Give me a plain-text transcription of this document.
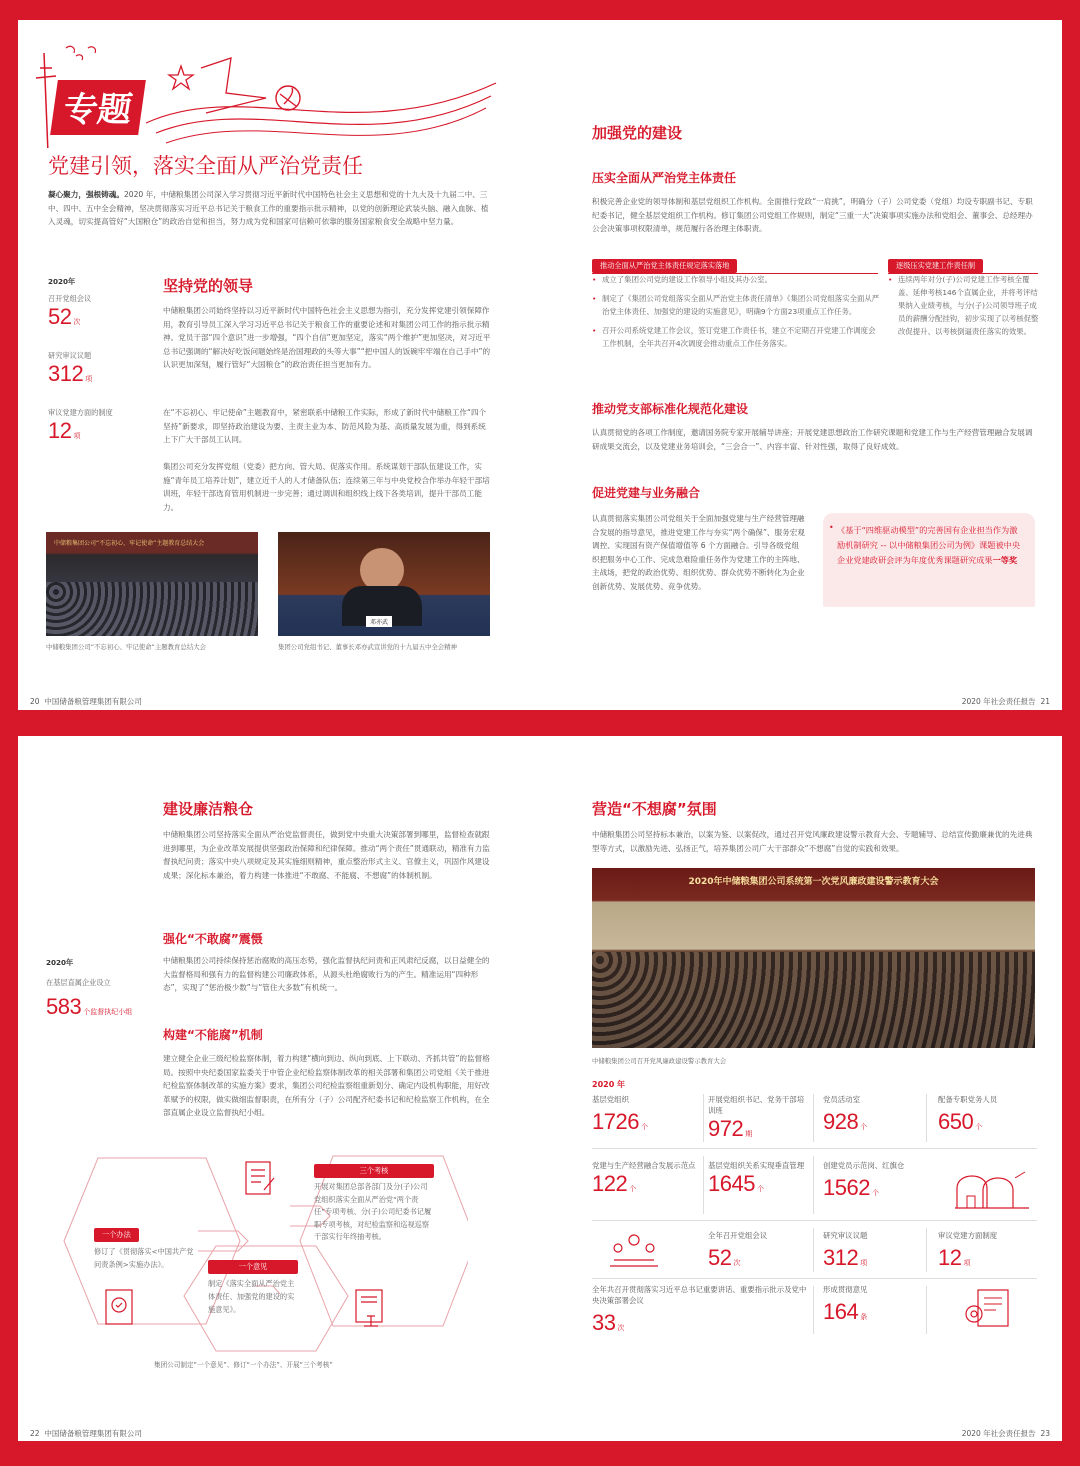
专题
党建引领，落实全面从严治党责任
凝心聚力，强根铸魂。2020 年，中储粮集团公司深入学习贯彻习近平新时代中国特色社会主义思想和党的十九大及十九届二中、三中、四中、五中全会精神，坚决贯彻落实习近平总书记关于粮食工作的重要指示批示精神，以党的创新理论武装头脑、融入血脉、植入灵魂，切实提高管好“大国粮仓”的政治自觉和担当，努力成为党和国家可信赖可依靠的服务国家粮食安全战略中坚力量。
2020年
召开党组会议
52 次
研究审议议题
312 项
审议党建方面的制度
12 项
坚持党的领导
中储粮集团公司始终坚持以习近平新时代中国特色社会主义思想为指引，充分发挥党建引领保障作用，教育引导员工深入学习习近平总书记关于粮食工作的重要论述和对集团公司工作的指示批示精神。党员干部“四个意识”进一步增强，“四个自信”更加坚定，落实“两个维护”更加坚决，对习近平总书记强调的“解决好吃饭问题始终是治国理政的头等大事”“把中国人的饭碗牢牢端在自己手中”的认识更加深刻，履行管好“大国粮仓”的政治责任担当更加有力。
在“不忘初心、牢记使命”主题教育中，紧密联系中储粮工作实际，形成了新时代中储粮工作“四个坚持”新要求，即坚持政治建设为要、主责主业为本、防范风险为基、高质量发展为重，得到系统上下广大干部员工认同。
集团公司充分发挥党组（党委）把方向、管大局、促落实作用。系统谋划干部队伍建设工作，实施“青年员工培养计划”，建立近千人的人才储备队伍；连续第三年与中央党校合作举办年轻干部培训班，年轻干部选育管用机制进一步完善；通过调训和组织线上线下各类培训，提升干部员工能力。
中储粮集团公司“不忘初心、牢记使命”主题教育总结大会
中储粮集团公司“不忘初心、牢记使命”主题教育总结大会
邓亦武
集团公司党组书记、董事长邓亦武宣讲党的十九届五中全会精神
20 中国储备粮管理集团有限公司	2020 年社会责任报告 21
加强党的建设
压实全面从严治党主体责任
积极完善企业党的领导体制和基层党组织工作机构。全面推行党政“一肩挑”，明确分（子）公司党委（党组）均设专职副书记、专职纪委书记，健全基层党组织工作机构。修订集团公司党组工作规则，制定“三重一大”决策事项实施办法和党组会、董事会、总经理办公会决策事项权限清单，规范履行各治理主体职责。
推动全面从严治党主体责任规定落实落地	逐级压实党建工作责任制
• 成立了集团公司党的建设工作领导小组及其办公室。
• 制定了《集团公司党组落实全面从严治党主体责任清单》《集团公司党组落实全面从严治党主体责任、加强党的建设的实施意见》，明确9个方面23项重点工作任务。
• 召开公司系统党建工作会议，签订党建工作责任书，建立不定期召开党建工作调度会工作机制，全年共召开4次调度会推动重点工作任务落实。
• 连续两年对分(子)公司党建工作考核全覆盖、延伸考核146个直属企业，并将考评结果纳入业绩考核，与分(子)公司领导班子成员的薪酬分配挂钩，初步实现了以考核促整改促提升、以考核倒逼责任落实的效果。
推动党支部标准化规范化建设
认真贯彻党的各项工作制度，邀请国务院专家开展辅导讲座；开展党建思想政治工作研究课题和党建工作与生产经营管理融合发展调研成果交流会，以及党建业务培训会，“三会合一”、内容丰富、针对性强，取得了良好成效。
促进党建与业务融合
认真贯彻落实集团公司党组关于全面加强党建与生产经营管理融合发展的指导意见，推进党建工作与夯实“两个确保”、服务宏观调控、实现国有资产保值增值等 6 个方面融合。引导各级党组织把服务中心工作、完成急难险重任务作为党建工作的主阵地、主战场，把党的政治优势、组织优势、群众优势不断转化为企业创新优势、发展优势、竞争优势。
• 《基于“四维驱动模型”的完善国有企业担当作为激励机制研究 -- 以中储粮集团公司为例》课题被中央企业党建政研会评为年度优秀课题研究成果一等奖
建设廉洁粮仓
中储粮集团公司坚持落实全面从严治党监督责任，做到党中央重大决策部署到哪里，监督检查就跟进到哪里，为企业改革发展提供坚强政治保障和纪律保障。推动“两个责任”贯通联动，精准有力监督执纪问责；落实中央八项规定及其实施细则精神，重点整治形式主义、官僚主义，巩固作风建设成果；深化标本兼治，着力构建一体推进“不敢腐、不能腐、不想腐”的体制机制。
强化“不敢腐”震慑
中储粮集团公司持续保持惩治腐败的高压态势，强化监督执纪问责和正风肃纪反腐，以日益健全的大监督格局和强有力的监督构建公司廉政体系，从源头杜绝腐败行为的产生。精准运用“四种形态”，实现了“惩治极少数”与“管住大多数”有机统一。
2020年
在基层直属企业设立
583 个监督执纪小组
构建“不能腐”机制
建立健全企业三级纪检监察体制，着力构建“横向到边、纵向到底、上下联动、齐抓共管”的监督格局。按照中央纪委国家监委关于中管企业纪检监察体制改革的相关部署和集团公司党组《关于推进纪检监察体制改革的实施方案》要求，集团公司纪检监察组重新划分、确定内设机构职能，用好改革赋予的权限，做实做细监督职责，在所有分（子）公司配齐纪委书记和纪检监察工作机构，在全部直属企业设立监督执纪小组。
一个办法
修订了《贯彻落实<中国共产党问责条例>实施办法》。
三个考核
开展对集团总部各部门及分(子)公司党组织落实全面从严治党“两个责任”专项考核、分(子)公司纪委书记履职专项考核，对纪检监察和巡视巡察干部实行年终抽考核。
一个意见
制定《落实全面从严治党主体责任、加强党的建设的实施意见》。
集团公司制定“一个意见”、修订“一个办法”、开展“三个考核”
22 中国储备粮管理集团有限公司	2020 年社会责任报告 23
营造“不想腐”氛围
中储粮集团公司坚持标本兼治，以案为鉴、以案促改，通过召开党风廉政建设警示教育大会、专题辅导、总结宣传勤廉兼优的先进典型等方式，以激励先进、弘扬正气，培养集团公司广大干部群众“不想腐”自觉的实践和效果。
2020年中储粮集团公司系统第一次党风廉政建设警示教育大会
中储粮集团公司召开党风廉政建设警示教育大会
2020 年
基层党组织
1726 个
开展党组织书记、党务干部培训班
972 期
党员活动室
928 个
配备专职党务人员
650 个
党建与生产经营融合发展示范点
122 个
基层党组织关系实现垂直管理
1645 个
创建党员示范岗、红旗仓
1562 个
全年召开党组会议
52 次
研究审议议题
312 项
审议党建方面制度
12 项
全年共召开贯彻落实习近平总书记重要讲话、重要指示批示及党中央决策部署会议
33 次
形成贯彻意见
164 条
